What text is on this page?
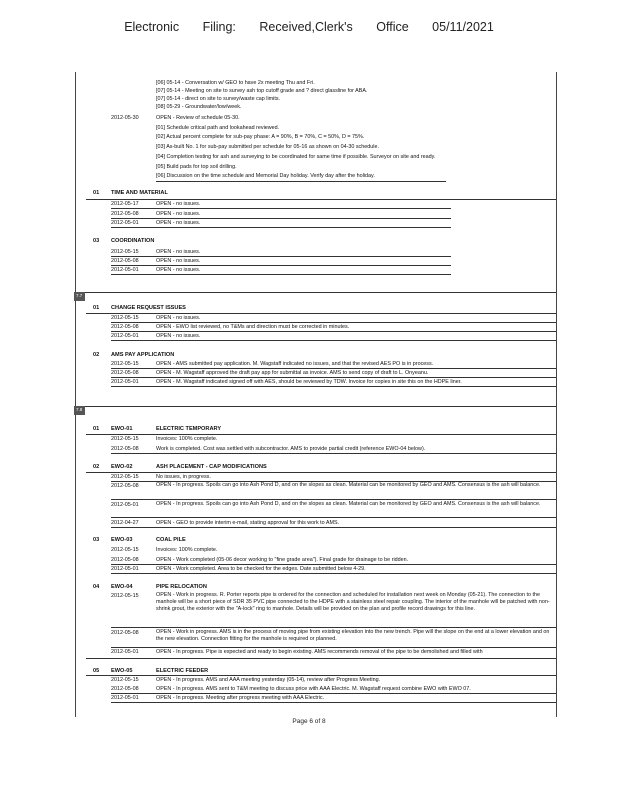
Electronic Filing: Received,Clerk's Office 05/11/2021
[06] 05-14 - Conversation w/ GEO to have 2x meeting Thu and Fri.
[07] 05-14 - Meeting on site to survey ash top cutoff grade and ? direct glassline for ABA.
[07] 05-14 - direct on site to survey/waste cap limits.
[08] 05-29 - Groundwater/low/week.
2012-05-30	OPEN - Review of schedule 05-30.
[01] Schedule critical path and lookahead reviewed.
[02] Actual percent complete for sub-pay phase: A = 90%, B = 70%, C = 50%, D = 75%.
[03] As-built No. 1 for sub-pay submitted per schedule for 05-16 as shown on 04-30 schedule.
[04] Completion testing for ash and surveying to be coordinated for same time if possible. Surveyor on site and ready.
[05] Build pads for top soil drilling.
[06] Discussion on the time schedule and Memorial Day holiday. Verify day after the holiday.
01 TIME AND MATERIAL
2012-05-17	OPEN - no issues.
2012-05-08	OPEN - no issues.
2012-05-01	OPEN - no issues.
03 COORDINATION
2012-05-15	OPEN - no issues.
2012-05-08	OPEN - no issues.
2012-05-01	OPEN - no issues.
7.7
01 CHANGE REQUEST ISSUES
2012-05-15	OPEN - no issues.
2012-05-08	OPEN - EWO list reviewed, no T&Ms and direction must be corrected in minutes.
2012-05-01	OPEN - no issues.
02 AMS PAY APPLICATION
2012-05-15	OPEN - AMS submitted pay application. M. Wagstaff indicated no issues, and that the revised AES PO is in process.
2012-05-08	OPEN - M. Wagstaff approved the draft pay app for submittal as invoice. AMS to send copy of draft to L. Onyeanu.
2012-05-01	OPEN - M. Wagstaff indicated signed off with AES, should be reviewed by TDW. Invoice for copies in site this on the HDPE liner.
7.8
01 EWO-01	ELECTRIC TEMPORARY
2012-05-15	Invoices: 100% complete.
2012-05-08	Work is completed. Cost was settled with subcontractor. AMS to provide partial credit (reference EWO-04 below).
02 EWO-02	ASH PLACEMENT - CAP MODIFICATIONS
2012-05-15	No issues, in progress.
2012-05-08	OPEN - In progress. Spoils can go into Ash Pond D, and on the slopes as clean. Material can be monitored by GEO and AMS. Consensus is the ash will balance.
2012-05-01	OPEN - In progress. Spoils can go into Ash Pond D, and on the slopes as clean. Material can be monitored by GEO and AMS. Consensus is the ash will balance.
2012-04-27	OPEN - GEO to provide interim e-mail, stating approval for this work to AMS.
03 EWO-03	COAL PILE
2012-05-15	Invoices: 100% complete.
2012-05-08	OPEN - Work completed (05-06 decor working to "fine grade area"). Final grade for drainage to be ridden.
2012-05-01	OPEN - Work completed. Area to be checked for the edges. Date submitted below 4-29.
04 EWO-04	PIPE RELOCATION
2012-05-15	OPEN - Work in progress. R. Porter reports pipe is ordered for the connection and scheduled for installation next week on Monday (05-21). The connection to the manhole will be a short piece of SDR 35 PVC pipe connected to the HDPE with a stainless steel repair coupling. The interior of the manhole will be patched with non-shrink grout, the exterior with the "A-lock" ring to manhole. Details will be provided on the plan and profile record drawings for this line.
2012-05-08	OPEN - Work in progress. AMS is in the process of moving pipe from existing elevation into the new trench. Pipe will the slope on the end at a lower elevation and on the new elevation. Connection fitting for the manhole is required or planned.
2012-05-01	OPEN - In progress. Pipe is expected and ready to begin existing. AMS recommends removal of the pipe to be demolished and filled with
05 EWO-05	ELECTRIC FEEDER
2012-05-15	OPEN - In progress. AMS and AAA meeting yesterday (05-14), review after Progress Meeting.
2012-05-08	OPEN - In progress. AMS sent to T&M meeting to discuss price with AAA Electric. M. Wagstaff request combine EWO with EWO 07.
2012-05-01	OPEN - In progress. Meeting after progress meeting with AAA Electric.
Page 6 of 8
